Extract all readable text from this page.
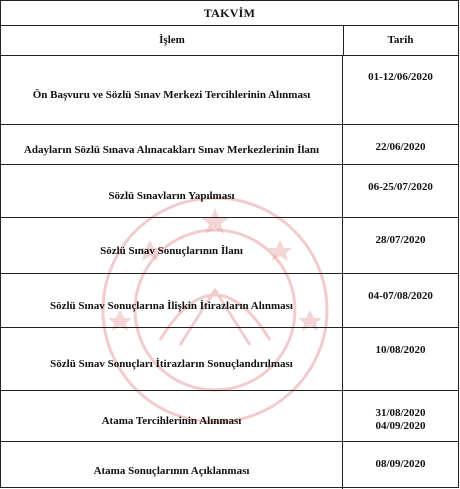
TAKVİM
İşlem	Tarih
Ön Başvuru ve Sözlü Sınav Merkezi Tercihlerinin Alınması
01-12/06/2020
Adayların Sözlü Sınava Alınacakları Sınav Merkezlerinin İlanı	22/06/2020
Sözlü Sınavların Yapılması
06-25/07/2020
Sözlü Sınav Sonuçlarının İlanı
28/07/2020
Sözlü Sınav Sonuçlarına İlişkin İtirazların Alınması
04-07/08/2020
Sözlü Sınav Sonuçları İtirazların Sonuçlandırılması
10/08/2020
Atama Tercihlerinin Alınması
31/08/2020
04/09/2020
Atama Sonuçlarının Açıklanması
08/09/2020
